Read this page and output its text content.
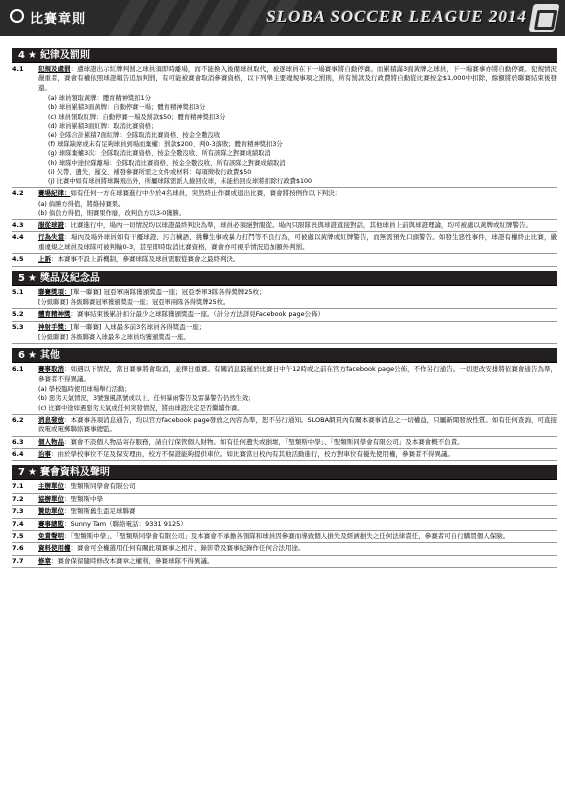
比賽章則	SLOBA SOCCER LEAGUE 2014
4 ★ 紀律及罰則
4.1	犯規及處罰：遭球證出示紅牌判罰之球員須即時離場，而不能換入後備球員取代，被逐球員在下一場賽事將自動停賽。而累積滿3面黃牌之球員，下一場賽事亦將自動停賽。犯規情況嚴重者，賽會有權依照球證報告追加判罰，有可能被賽會取消參賽資格，以下列舉主要違規事項之罰則，所有罰款及行政費將自動從比賽按金$1,000中扣除，餘額將於聯賽結束後發還。
(a) 球員領取黃牌：體育精神獎扣1分
(b) 球員累積3面黃牌：自動停賽一場；體育精神獎扣3分
(c) 球員領取紅牌：自動停賽一場及罰款$50；體育精神獎扣3分
(d) 球員累積3面紅牌：取消比賽資格；
(e) 全隊合計累積7面紅牌：全隊取消比賽資格、按金全數沒收
(f) 球隊缺席或未有足夠球員到場而棄權：罰款$200、判0-3落敗；體育精神獎扣3分
(g) 球隊棄權3次：全隊取消比賽資格、按金全數沒收、所有該隊之對賽成績取消
(h) 球隊中途拉隊離場：全隊取消比賽資格、按金全數沒收、所有該隊之對賽成績取消
(i) 欠帶、遺失、遲交、補發參賽所需之文件或材料：每項徵收行政費$50
(j) 比賽中如有球員將球踢飛出外，所屬球隊需派人撿回皮球，未能拾回皮球將扣除行政費$100
4.2	賽場紀律：如有任何一方在球賽進行中少於4名球員，突然終止作賽或退出比賽，賽會將按例作以下判決：
(a) 倘勝方得值，將維持賽果。
(b) 倘負方得值，則賽果作廢，改判負方以3-0獲勝。
4.3	服從球證：比賽進行中，場內一切情況均以球證最終判決為準，球員必須絕對服從。場內只限隊長與球證直接對話，其他球員上前與球證理論，均可被處以黃牌或紅牌警告。
4.4	行為失當：場內及場外球員如有干擾球證、污言穢語、挑釁生事或暴力打鬥等不良行為，可被處以黃牌或紅牌警告，而無需預先口頭警告。如發生惡性事件，球證有權終止比賽，嚴重違規之球員及球隊可被判輸0-3，甚至即時取消比賽資格，賽會亦可視乎情況追加額外判罰。
4.5	上訴：本賽事不設上訴機制，參賽球隊及球員需服從賽會之最終判決。
5 ★ 獎品及紀念品
5.1	聯賽獎項：[單一聯賽] 冠亞軍兩隊獲頒獎盃一座；冠亞季軍3隊各得獎牌25枚；
[分級聯賽] 各級聯賽冠軍獲頒獎盃一座；冠亞軍兩隊各得獎牌25枚。
5.2	體育精神獎：賽事結束後累計扣分最少之球隊獲頒獎盃一座。（計分方法詳見Facebook page公佈）
5.3	神射手獎：[單一聯賽] 入球最多前3名球員各得獎盃一座；
[分級聯賽] 各級聯賽入球最多之球員均獲頒獎盃一座。
6 ★ 其他
6.1	賽事取消：如遇以下情況，當日賽事將會取消，並擇日重賽。有關消息最遲於比賽日中午12時或之前在官方facebook page公佈，不作另行通告。一切更改安排將依賽會通告為準，參賽者不得異議。
(a) 學校臨時使用球場舉行活動；
(b) 惡劣天氣情況，3號強風訊號或以上、任何暴雨警告及雷暴警告仍然生效；
(c) 比賽中途如遇惡劣天氣或任何突發情況，將由球證決定是否繼續作賽。
6.2	消息發放：本賽事各項消息通告，均以官方facebook page發放之內容為準，恕不另行通知。SLOBA網頁內有關本賽事消息之一切權益，只屬新聞發放性質。如有任何查詢，可直接致電或電郵聯絡賽事總監。
6.3	個人物品：賽會不設個人物品寄存服務，請自行保管個人財物。如有任何遺失或損壞，「聖類斯中學」、「聖類斯同學會有限公司」及本賽會概不負責。
6.4	治事：由於學校事位不足及保安理由，校方不保證能夠提供車位。如比賽當日校內有其他活動進行，校方對車位有優先使用權，參賽者不得異議。
7 ★ 賽會資料及聲明
7.1	主辦單位：聖類斯同學會有限公司
7.2	協辦單位：聖類斯中學
7.3	贊助單位：聖類斯舊生盃足球聯賽
7.4	賽事總監：Sunny Tam（聯絡電話：9331 9125）
7.5	免責聲明：「聖類斯中學」、「聖類斯同學會有限公司」及本賽會不承擔各領隊和球員因參賽而導致個人損失及經濟損失之任何法律責任，參賽者可自行購買個人保險。
7.6	資料使用權：賽會可全權選用任何有關此項賽事之相片、錄影帶及賽事紀錄作任何合法用途。
7.7	修章：賽會保留隨時修改本賽章之權利，參賽球隊不得異議。
